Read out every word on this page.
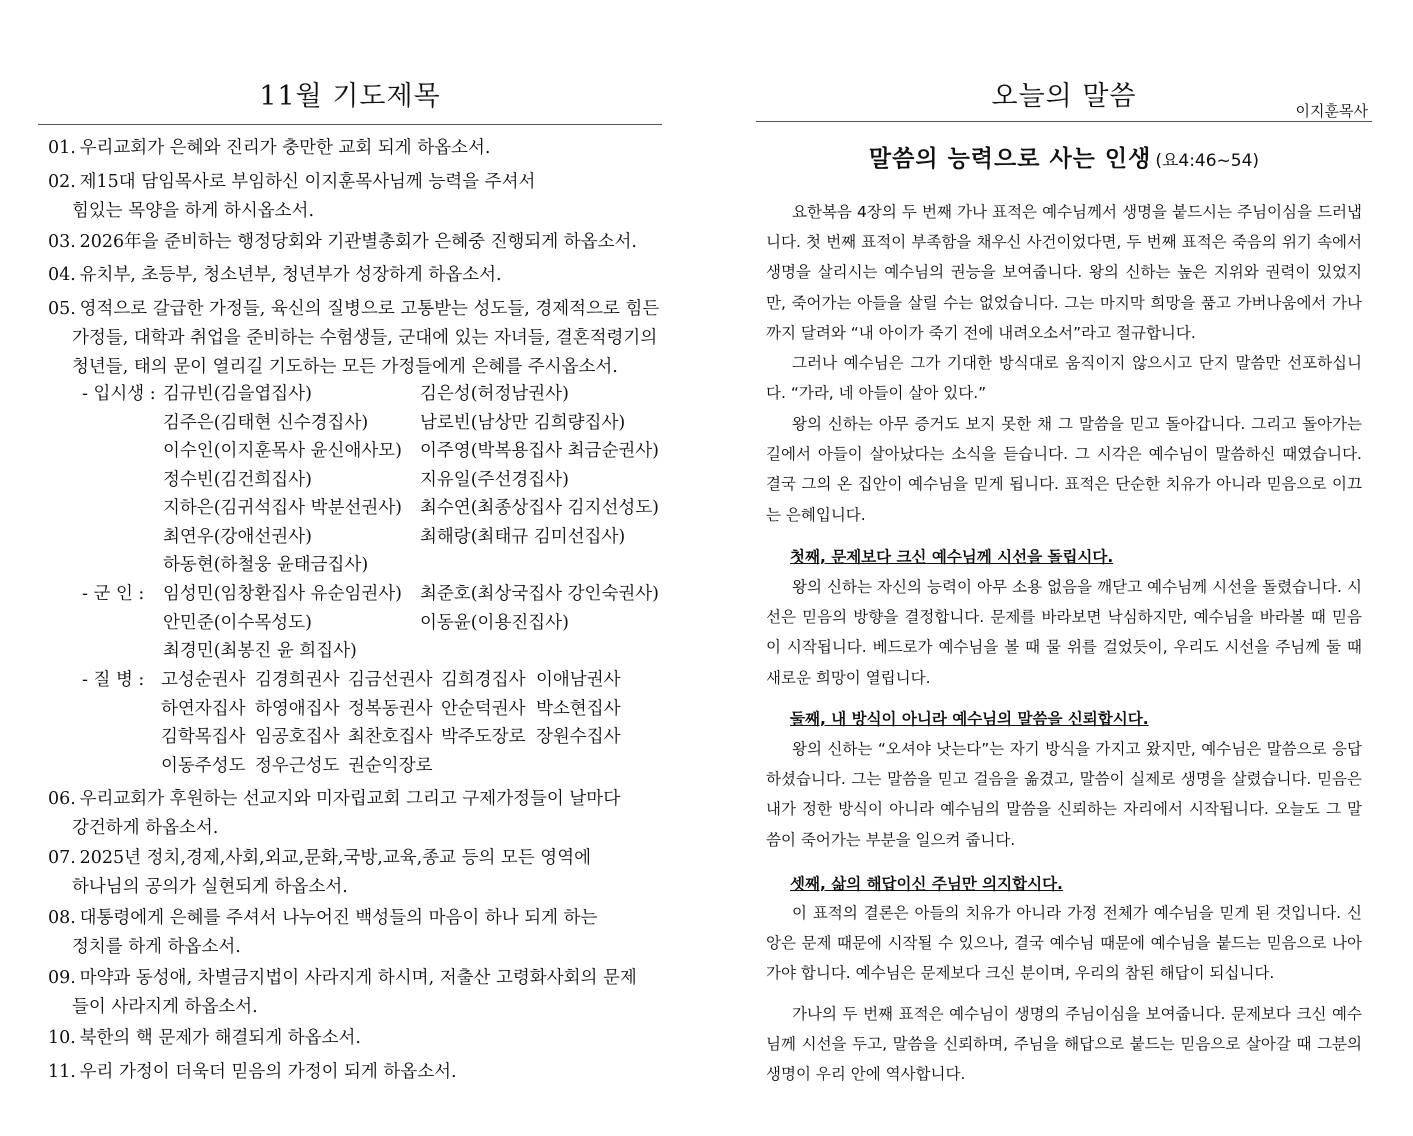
11월 기도제목
01. 우리교회가 은혜와 진리가 충만한 교회 되게 하옵소서.
02. 제15대 담임목사로 부임하신 이지훈목사님께 능력을 주셔서
힘있는 목양을 하게 하시옵소서.
03. 2026年을 준비하는 행정당회와 기관별총회가 은혜중 진행되게 하옵소서.
04. 유치부, 초등부, 청소년부, 청년부가 성장하게 하옵소서.
05. 영적으로 갈급한 가정들, 육신의 질병으로 고통받는 성도들, 경제적으로 힘든
가정들, 대학과 취업을 준비하는 수험생들, 군대에 있는 자녀들, 결혼적령기의
청년들, 태의 문이 열리길 기도하는 모든 가정들에게 은혜를 주시옵소서.
- 입시생 : 김규빈(김을엽집사)	김은성(허정남권사)
김주은(김태현 신수경집사)	남로빈(남상만 김희량집사)
이수인(이지훈목사 윤신애사모) 이주영(박복용집사 최금순권사)
정수빈(김건희집사)	지유일(주선경집사)
지하은(김귀석집사 박분선권사) 최수연(최종상집사 김지선성도)
최연우(강애선권사)	최해랑(최태규 김미선집사)
하동현(하철웅 윤태금집사)
- 군 인 : 임성민(임창환집사 유순임권사) 최준호(최상국집사 강인숙권사)
안민준(이수목성도)	이동윤(이용진집사)
최경민(최봉진 윤 희집사)
- 질 병 : 고성순권사 김경희권사 김금선권사 김희경집사 이애남권사
하연자집사 하영애집사 정복동권사 안순덕권사 박소현집사
김학목집사 임공호집사 최찬호집사 박주도장로 장원수집사
이동주성도 정우근성도 권순익장로
06. 우리교회가 후원하는 선교지와 미자립교회 그리고 구제가정들이 날마다
강건하게 하옵소서.
07. 2025년 정치,경제,사회,외교,문화,국방,교육,종교 등의 모든 영역에
하나님의 공의가 실현되게 하옵소서.
08. 대통령에게 은혜를 주셔서 나누어진 백성들의 마음이 하나 되게 하는
정치를 하게 하옵소서.
09. 마약과 동성애, 차별금지법이 사라지게 하시며, 저출산 고령화사회의 문제
들이 사라지게 하옵소서.
10. 북한의 핵 문제가 해결되게 하옵소서.
11. 우리 가정이 더욱더 믿음의 가정이 되게 하옵소서.
오늘의 말씀	이지훈목사
말씀의 능력으로 사는 인생 (요4:46~54)
요한복음 4장의 두 번째 가나 표적은 예수님께서 생명을 붙드시는 주님이심을 드러냅니다. 첫 번째 표적이 부족함을 채우신 사건이었다면, 두 번째 표적은 죽음의 위기 속에서 생명을 살리시는 예수님의 권능을 보여줍니다. 왕의 신하는 높은 지위와 권력이 있었지만, 죽어가는 아들을 살릴 수는 없었습니다. 그는 마지막 희망을 품고 가버나움에서 가나까지 달려와 “내 아이가 죽기 전에 내려오소서”라고 절규합니다.
그러나 예수님은 그가 기대한 방식대로 움직이지 않으시고 단지 말씀만 선포하십니다. “가라, 네 아들이 살아 있다.”
왕의 신하는 아무 증거도 보지 못한 채 그 말씀을 믿고 돌아갑니다. 그리고 돌아가는 길에서 아들이 살아났다는 소식을 듣습니다. 그 시각은 예수님이 말씀하신 때였습니다. 결국 그의 온 집안이 예수님을 믿게 됩니다. 표적은 단순한 치유가 아니라 믿음으로 이끄는 은혜입니다.
첫째, 문제보다 크신 예수님께 시선을 돌립시다.
왕의 신하는 자신의 능력이 아무 소용 없음을 깨닫고 예수님께 시선을 돌렸습니다. 시선은 믿음의 방향을 결정합니다. 문제를 바라보면 낙심하지만, 예수님을 바라볼 때 믿음이 시작됩니다. 베드로가 예수님을 볼 때 물 위를 걸었듯이, 우리도 시선을 주님께 둘 때 새로운 희망이 열립니다.
둘째, 내 방식이 아니라 예수님의 말씀을 신뢰합시다.
왕의 신하는 “오셔야 낫는다”는 자기 방식을 가지고 왔지만, 예수님은 말씀으로 응답하셨습니다. 그는 말씀을 믿고 걸음을 옮겼고, 말씀이 실제로 생명을 살렸습니다. 믿음은 내가 정한 방식이 아니라 예수님의 말씀을 신뢰하는 자리에서 시작됩니다. 오늘도 그 말씀이 죽어가는 부분을 일으켜 줍니다.
셋째, 삶의 해답이신 주님만 의지합시다.
이 표적의 결론은 아들의 치유가 아니라 가정 전체가 예수님을 믿게 된 것입니다. 신앙은 문제 때문에 시작될 수 있으나, 결국 예수님 때문에 예수님을 붙드는 믿음으로 나아가야 합니다. 예수님은 문제보다 크신 분이며, 우리의 참된 해답이 되십니다.
가나의 두 번째 표적은 예수님이 생명의 주님이심을 보여줍니다. 문제보다 크신 예수님께 시선을 두고, 말씀을 신뢰하며, 주님을 해답으로 붙드는 믿음으로 살아갈 때 그분의 생명이 우리 안에 역사합니다.
